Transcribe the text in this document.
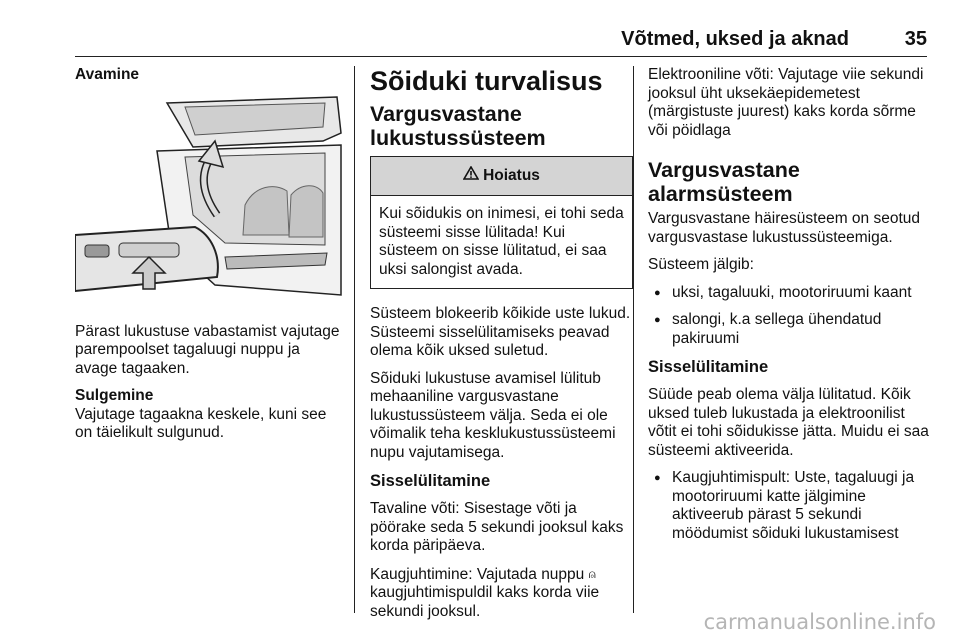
Võtmed, uksed ja aknad	35

Avamine

Pärast lukustuse vabastamist vajutage parempoolset tagaluugi nuppu ja avage tagaaken.

Sulgemine

Vajutage tagaakna keskele, kuni see on täielikult sulgunud.

Sõiduki turvalisus
Vargusvastane lukustussüsteem
Hoiatus
Kui sõidukis on inimesi, ei tohi seda süsteemi sisse lülitada! Kui süsteem on sisse lülitatud, ei saa uksi salongist avada.

Süsteem blokeerib kõikide uste lukud. Süsteemi sisselülitamiseks peavad olema kõik uksed suletud.

Sõiduki lukustuse avamisel lülitub mehaaniline vargusvastane lukustussüsteem välja. Seda ei ole võimalik teha kesklukustussüsteemi nupu vajutamisega.

Sisselülitamine

Tavaline võti: Sisestage võti ja pöörake seda 5 sekundi jooksul kaks korda päripäeva.

Kaugjuhtimine: Vajutada nuppu ⍝ kaugjuhtimispuldil kaks korda viie sekundi jooksul.

Elektrooniline võti: Vajutage viie sekundi jooksul üht uksekäepidemetest (märgistuste juurest) kaks korda sõrme või pöidlaga

Vargusvastane alarmsüsteem

Vargusvastane häiresüsteem on seotud vargusvastase lukustussüsteemiga.

Süsteem jälgib:

● uksi, tagaluuki, mootoriruumi kaant
● salongi, k.a sellega ühendatud pakiruumi
Sisselülitamine

Süüde peab olema välja lülitatud. Kõik uksed tuleb lukustada ja elektroonilist võtit ei tohi sõidukisse jätta. Muidu ei saa süsteemi aktiveerida.

● Kaugjuhtimispult: Uste, tagaluugi ja mootoriruumi katte jälgimine aktiveerub pärast 5 sekundi möödumist sõiduki lukustamisest
carmanualsonline.info
